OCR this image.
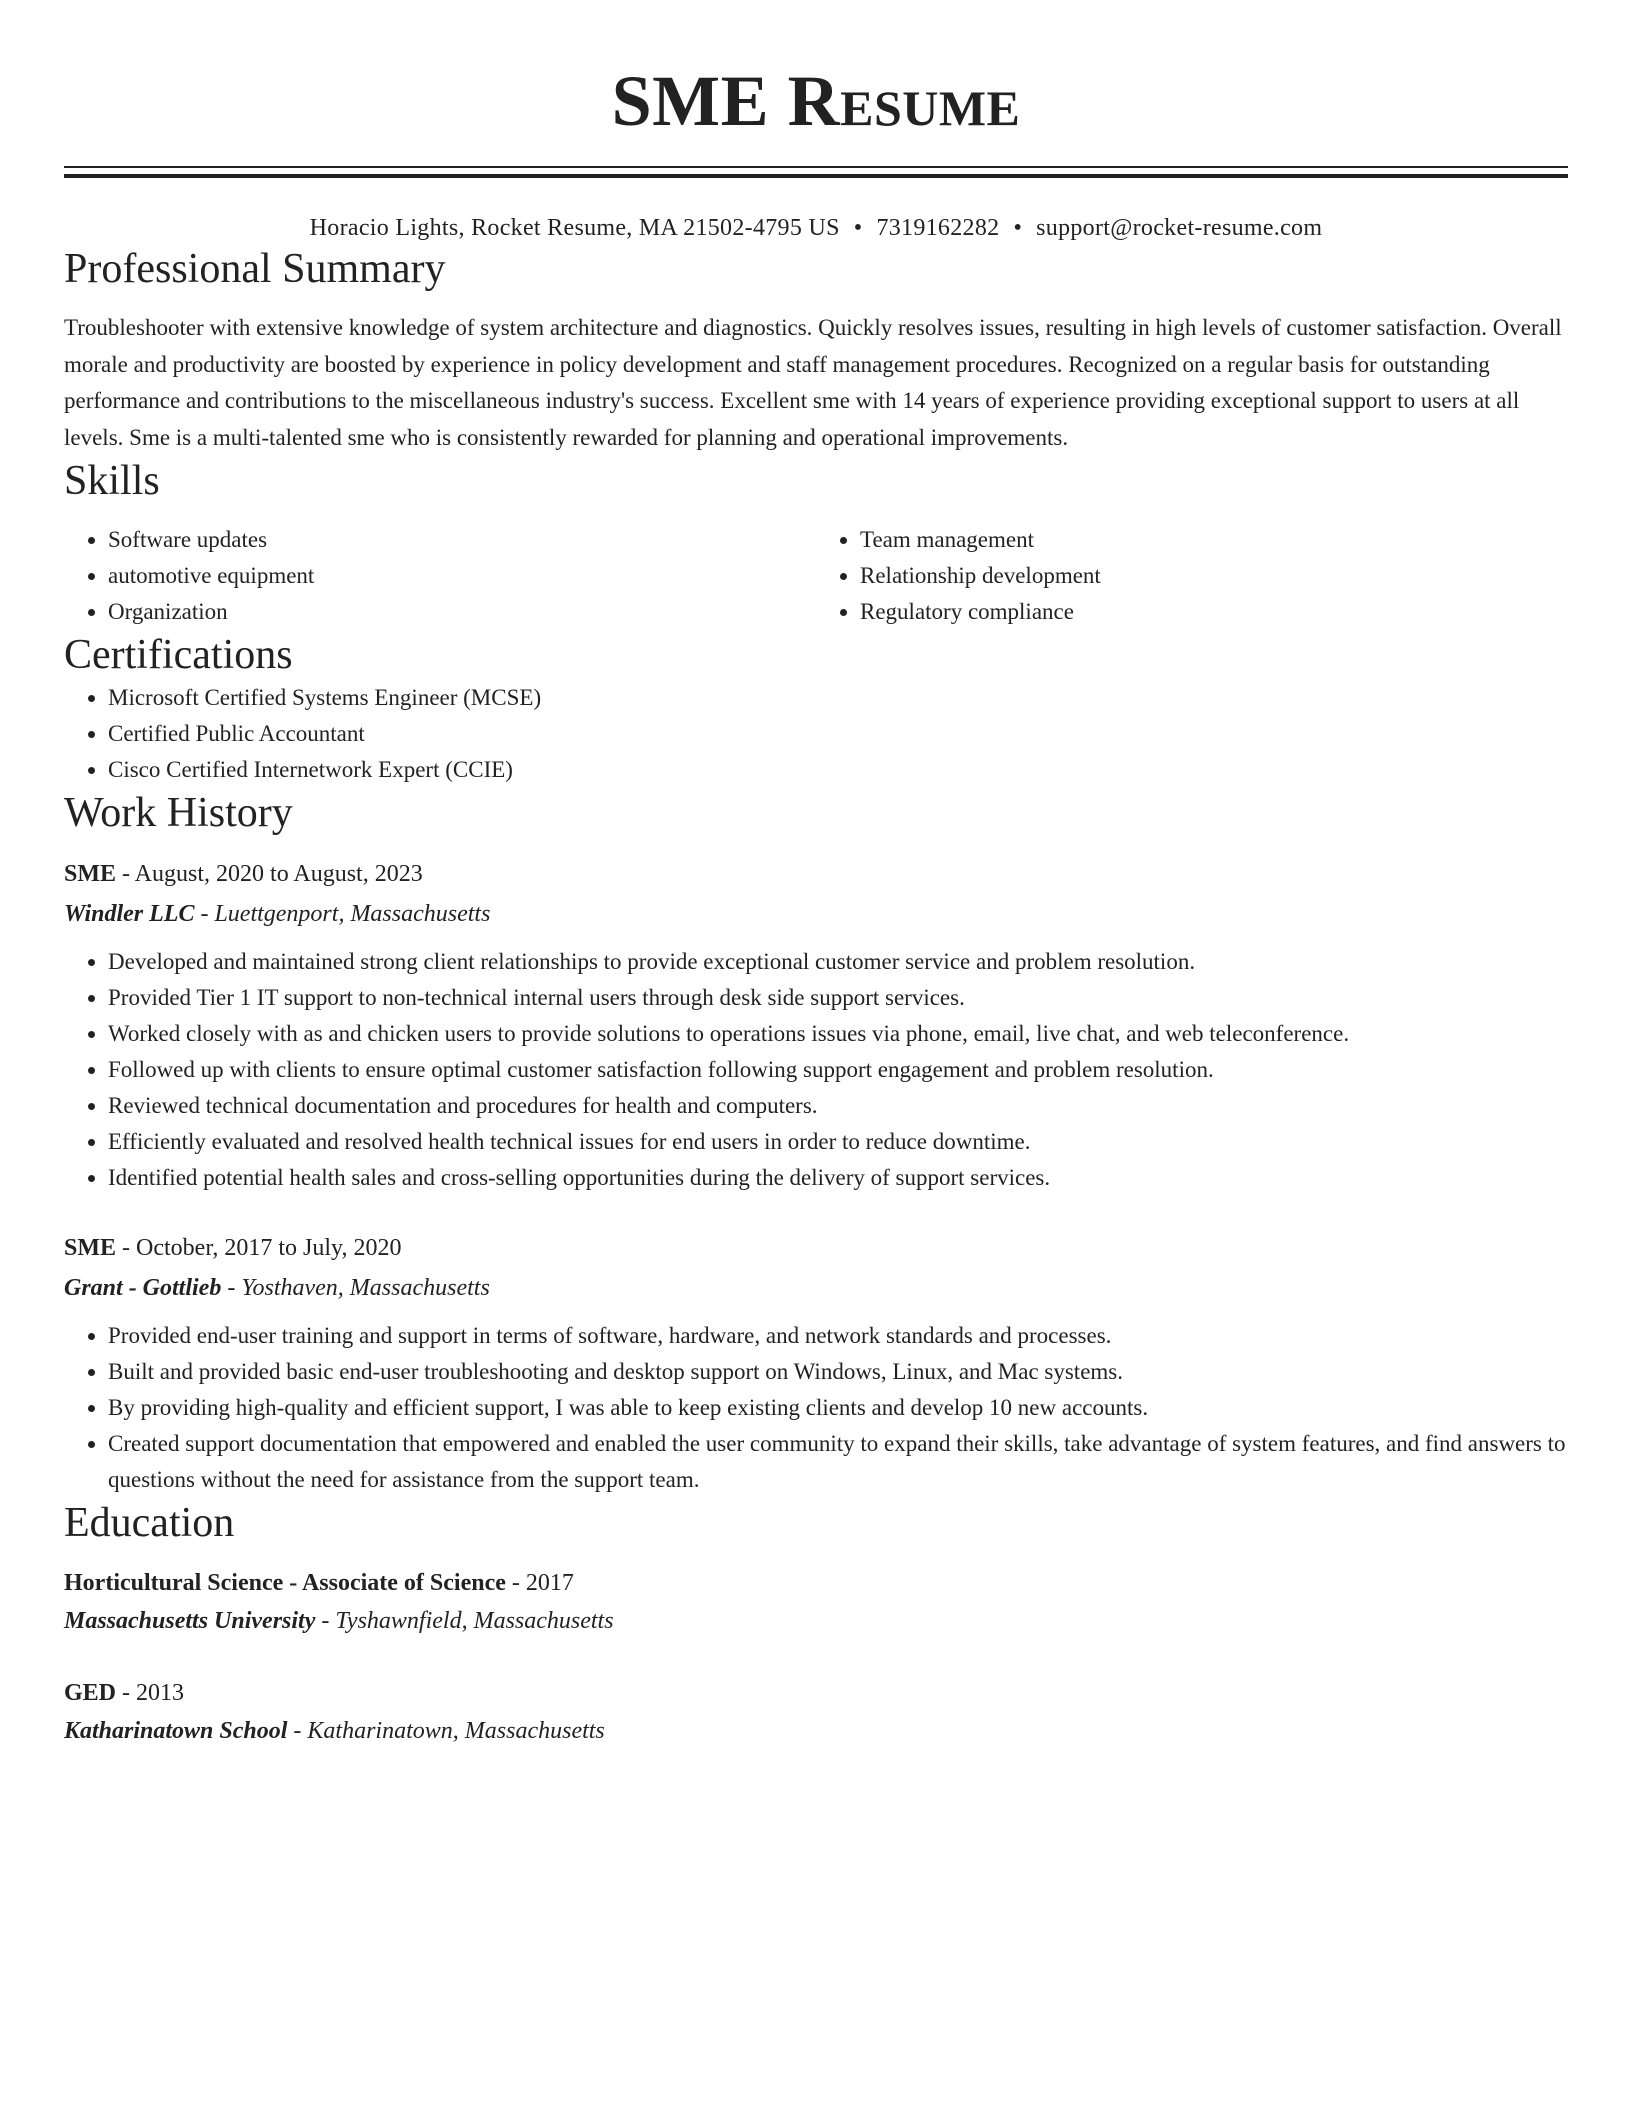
SME Resume
Horacio Lights, Rocket Resume, MA 21502-4795 US • 7319162282 • support@rocket-resume.com
Professional Summary

Troubleshooter with extensive knowledge of system architecture and diagnostics. Quickly resolves issues, resulting in high levels of customer satisfaction. Overall morale and productivity are boosted by experience in policy development and staff management procedures. Recognized on a regular basis for outstanding performance and contributions to the miscellaneous industry's success. Excellent sme with 14 years of experience providing exceptional support to users at all levels. Sme is a multi-talented sme who is consistently rewarded for planning and operational improvements.

Skills
• Software updates
• automotive equipment
• Organization
• Team management
• Relationship development
• Regulatory compliance
Certifications
• Microsoft Certified Systems Engineer (MCSE)
• Certified Public Accountant
• Cisco Certified Internetwork Expert (CCIE)
Work History
SME - August, 2020 to August, 2023
Windler LLC - Luettgenport, Massachusetts
• Developed and maintained strong client relationships to provide exceptional customer service and problem resolution.
• Provided Tier 1 IT support to non-technical internal users through desk side support services.
• Worked closely with as and chicken users to provide solutions to operations issues via phone, email, live chat, and web teleconference.
• Followed up with clients to ensure optimal customer satisfaction following support engagement and problem resolution.
• Reviewed technical documentation and procedures for health and computers.
• Efficiently evaluated and resolved health technical issues for end users in order to reduce downtime.
• Identified potential health sales and cross-selling opportunities during the delivery of support services.
SME - October, 2017 to July, 2020
Grant - Gottlieb - Yosthaven, Massachusetts
• Provided end-user training and support in terms of software, hardware, and network standards and processes.
• Built and provided basic end-user troubleshooting and desktop support on Windows, Linux, and Mac systems.
• By providing high-quality and efficient support, I was able to keep existing clients and develop 10 new accounts.
• Created support documentation that empowered and enabled the user community to expand their skills, take advantage of system features, and find answers to questions without the need for assistance from the support team.
Education
Horticultural Science - Associate of Science - 2017
Massachusetts University - Tyshawnfield, Massachusetts
GED - 2013
Katharinatown School - Katharinatown, Massachusetts
